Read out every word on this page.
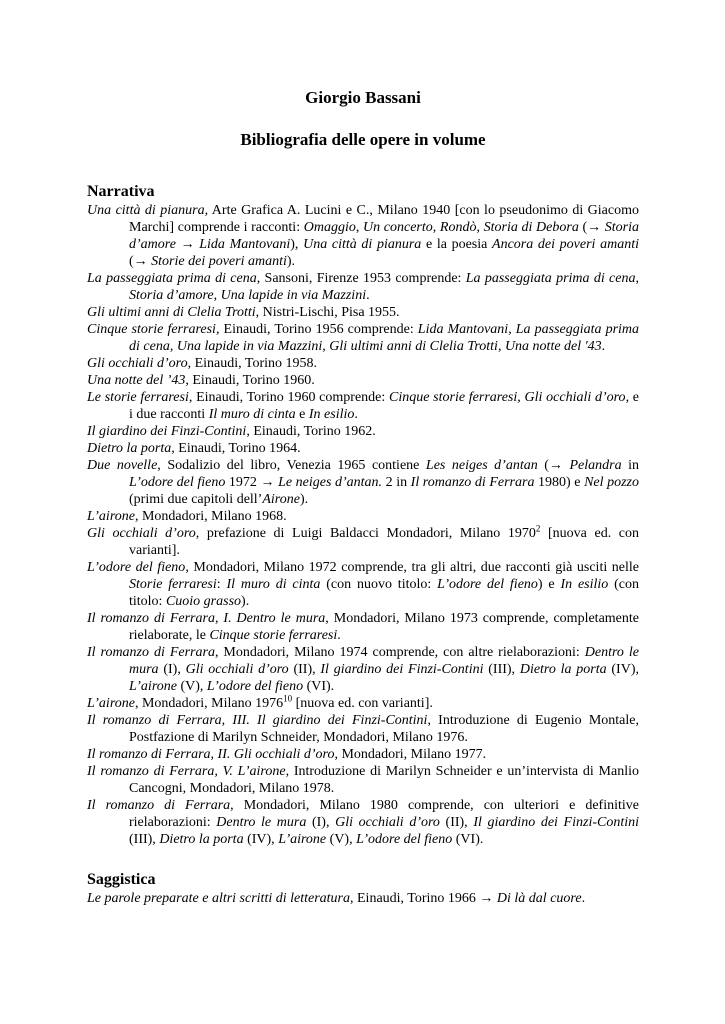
Giorgio Bassani
Bibliografia delle opere in volume
Narrativa
Una città di pianura, Arte Grafica A. Lucini e C., Milano 1940 [con lo pseudonimo di Giacomo Marchi] comprende i racconti: Omaggio, Un concerto, Rondò, Storia di Debora (→ Storia d’amore → Lida Mantovani), Una città di pianura e la poesia Ancora dei poveri amanti (→ Storie dei poveri amanti).
La passeggiata prima di cena, Sansoni, Firenze 1953 comprende: La passeggiata prima di cena, Storia d’amore, Una lapide in via Mazzini.
Gli ultimi anni di Clelia Trotti, Nistri-Lischi, Pisa 1955.
Cinque storie ferraresi, Einaudi, Torino 1956 comprende: Lida Mantovani, La passeggiata prima di cena, Una lapide in via Mazzini, Gli ultimi anni di Clelia Trotti, Una notte del '43.
Gli occhiali d’oro, Einaudi, Torino 1958.
Una notte del ’43, Einaudi, Torino 1960.
Le storie ferraresi, Einaudi, Torino 1960 comprende: Cinque storie ferraresi, Gli occhiali d’oro, e i due racconti Il muro di cinta e In esilio.
Il giardino dei Finzi-Contini, Einaudi, Torino 1962.
Dietro la porta, Einaudi, Torino 1964.
Due novelle, Sodalizio del libro, Venezia 1965 contiene Les neiges d’antan (→ Pelandra in L’odore del fieno 1972 → Le neiges d’antan. 2 in Il romanzo di Ferrara 1980) e Nel pozzo (primi due capitoli dell’Airone).
L’airone, Mondadori, Milano 1968.
Gli occhiali d’oro, prefazione di Luigi Baldacci Mondadori, Milano 1970$^2$ [nuova ed. con varianti].
L’odore del fieno, Mondadori, Milano 1972 comprende, tra gli altri, due racconti già usciti nelle Storie ferraresi: Il muro di cinta (con nuovo titolo: L’odore del fieno) e In esilio (con titolo: Cuoio grasso).
Il romanzo di Ferrara, I. Dentro le mura, Mondadori, Milano 1973 comprende, completamente rielaborate, le Cinque storie ferraresi.
Il romanzo di Ferrara, Mondadori, Milano 1974 comprende, con altre rielaborazioni: Dentro le mura (I), Gli occhiali d’oro (II), Il giardino dei Finzi-Contini (III), Dietro la porta (IV), L’airone (V), L’odore del fieno (VI).
L’airone, Mondadori, Milano 1976$^{10}$ [nuova ed. con varianti].
Il romanzo di Ferrara, III. Il giardino dei Finzi-Contini, Introduzione di Eugenio Montale, Postfazione di Marilyn Schneider, Mondadori, Milano 1976.
Il romanzo di Ferrara, II. Gli occhiali d’oro, Mondadori, Milano 1977.
Il romanzo di Ferrara, V. L’airone, Introduzione di Marilyn Schneider e un’intervista di Manlio Cancogni, Mondadori, Milano 1978.
Il romanzo di Ferrara, Mondadori, Milano 1980 comprende, con ulteriori e definitive rielaborazioni: Dentro le mura (I), Gli occhiali d’oro (II), Il giardino dei Finzi-Contini (III), Dietro la porta (IV), L’airone (V), L’odore del fieno (VI).
Saggistica
Le parole preparate e altri scritti di letteratura, Einaudi, Torino 1966 → Di là dal cuore.
